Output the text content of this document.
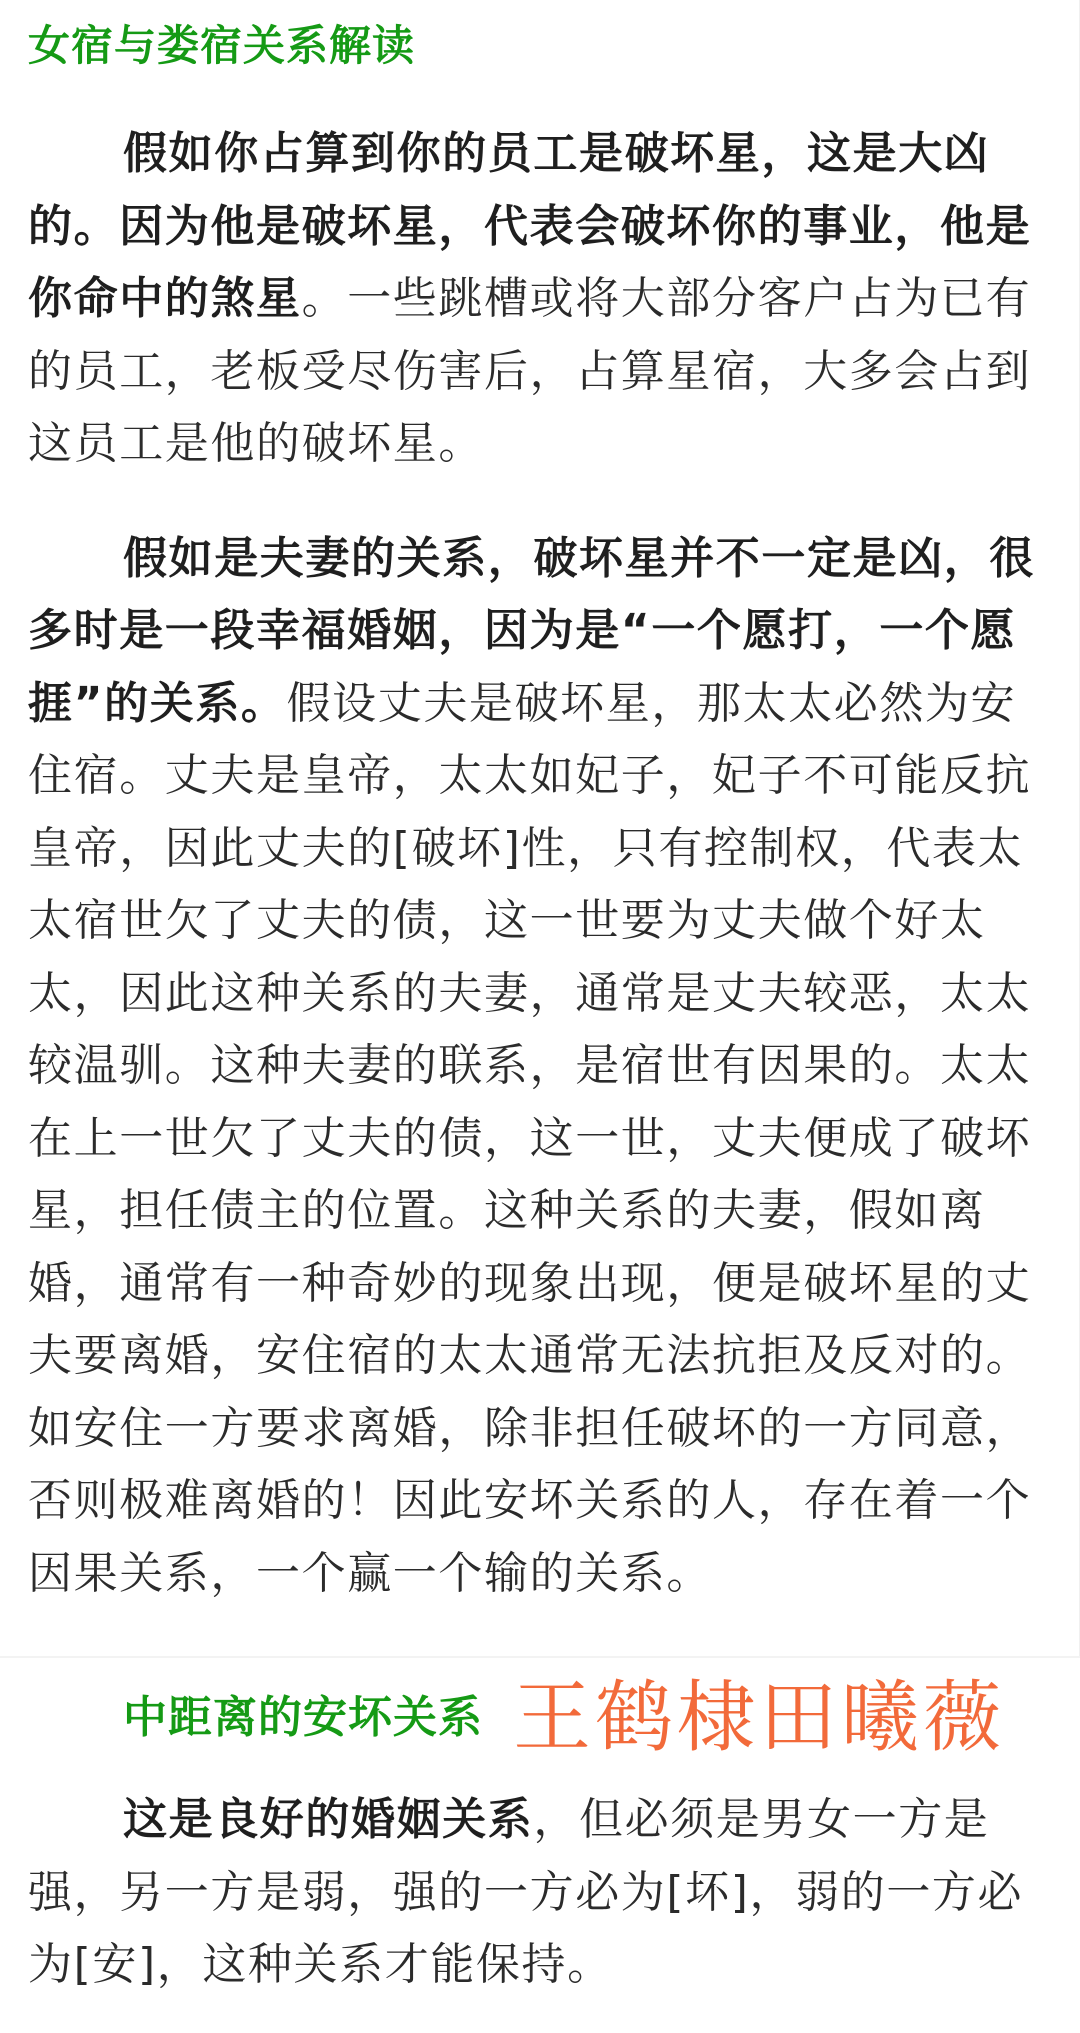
女宿与娄宿关系解读

假如你占算到你的员工是破坏星，这是大凶的。因为他是破坏星，代表会破坏你的事业，他是你命中的煞星。一些跳槽或将大部分客户占为已有的员工，老板受尽伤害后，占算星宿，大多会占到这员工是他的破坏星。

假如是夫妻的关系，破坏星并不一定是凶，很多时是一段幸福婚姻，因为是“一个愿打，一个愿捱”的关系。假设丈夫是破坏星，那太太必然为安住宿。丈夫是皇帝，太太如妃子，妃子不可能反抗皇帝，因此丈夫的[破坏]性，只有控制权，代表太太宿世欠了丈夫的债，这一世要为丈夫做个好太太，因此这种关系的夫妻，通常是丈夫较恶，太太较温驯。这种夫妻的联系，是宿世有因果的。太太在上一世欠了丈夫的债，这一世，丈夫便成了破坏星，担任债主的位置。这种关系的夫妻，假如离婚，通常有一种奇妙的现象出现，便是破坏星的丈夫要离婚，安住宿的太太通常无法抗拒及反对的。如安住一方要求离婚，除非担任破坏的一方同意，否则极难离婚的！因此安坏关系的人，存在着一个因果关系，一个赢一个输的关系。

中距离的安坏关系 王鹤棣田曦薇

这是良好的婚姻关系，但必须是男女一方是强，另一方是弱，强的一方必为[坏]，弱的一方必为[安]，这种关系才能保持。
